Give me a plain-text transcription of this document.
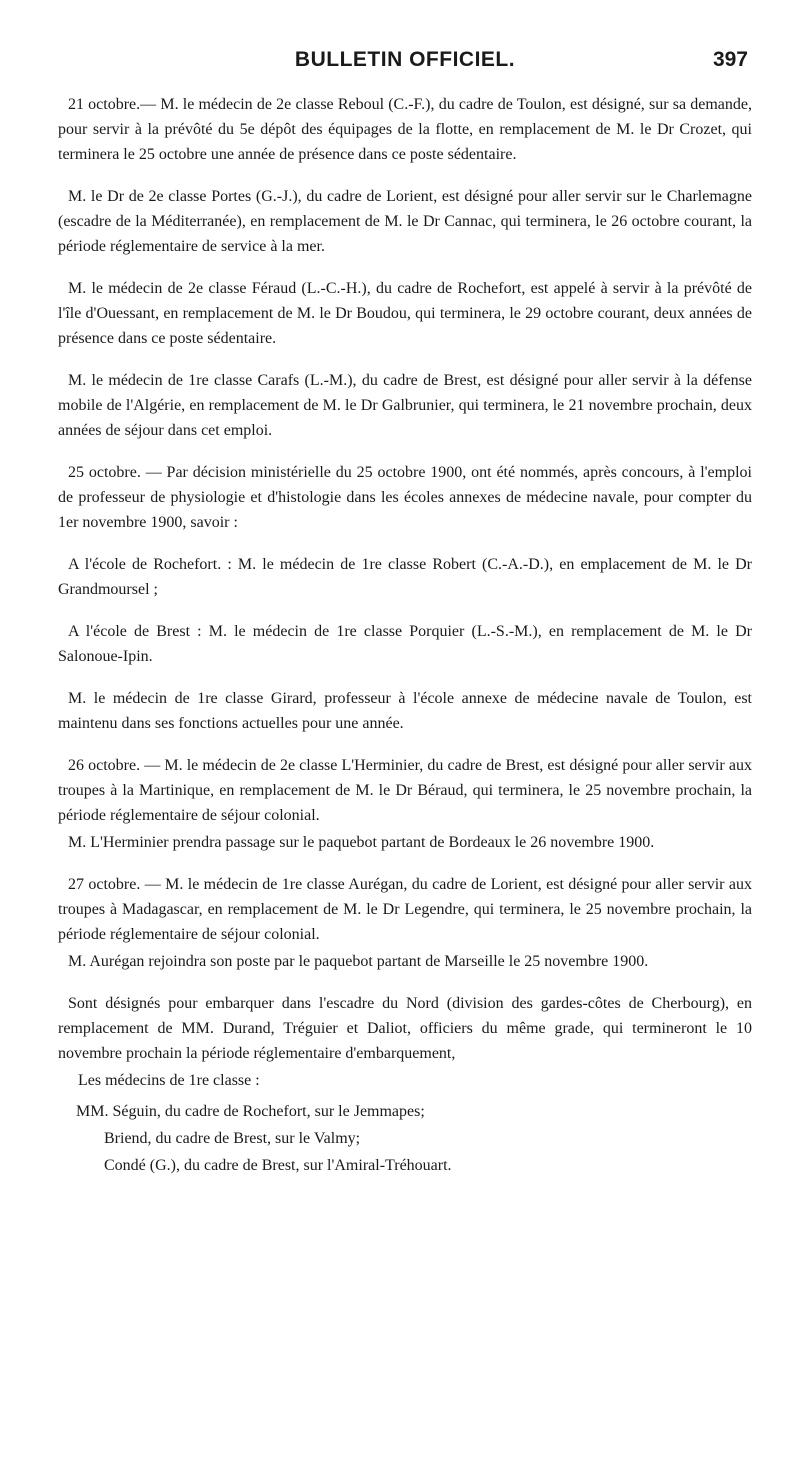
BULLETIN OFFICIEL.	397

21 octobre.— M. le médecin de 2e classe Reboul (C.-F.), du cadre de Toulon, est désigné, sur sa demande, pour servir à la prévôté du 5e dépôt des équipages de la flotte, en remplacement de M. le Dr Crozet, qui terminera le 25 octobre une année de présence dans ce poste sédentaire.

M. le Dr de 2e classe Portes (G.-J.), du cadre de Lorient, est désigné pour aller servir sur le Charlemagne (escadre de la Méditerranée), en remplacement de M. le Dr Cannac, qui terminera, le 26 octobre courant, la période réglementaire de service à la mer.

M. le médecin de 2e classe Féraud (L.-C.-H.), du cadre de Rochefort, est appelé à servir à la prévôté de l'île d'Ouessant, en remplacement de M. le Dr Boudou, qui terminera, le 29 octobre courant, deux années de présence dans ce poste sédentaire.

M. le médecin de 1re classe Carafs (L.-M.), du cadre de Brest, est désigné pour aller servir à la défense mobile de l'Algérie, en remplacement de M. le Dr Galbrunier, qui terminera, le 21 novembre prochain, deux années de séjour dans cet emploi.

25 octobre. — Par décision ministérielle du 25 octobre 1900, ont été nommés, après concours, à l'emploi de professeur de physiologie et d'histologie dans les écoles annexes de médecine navale, pour compter du 1er novembre 1900, savoir :

A l'école de Rochefort. : M. le médecin de 1re classe Robert (C.-A.-D.), en emplacement de M. le Dr Grandmoursel ;

A l'école de Brest : M. le médecin de 1re classe Porquier (L.-S.-M.), en remplacement de M. le Dr Salonoue-Ipin.

M. le médecin de 1re classe Girard, professeur à l'école annexe de médecine navale de Toulon, est maintenu dans ses fonctions actuelles pour une année.

26 octobre. — M. le médecin de 2e classe L'Herminier, du cadre de Brest, est désigné pour aller servir aux troupes à la Martinique, en remplacement de M. le Dr Béraud, qui terminera, le 25 novembre prochain, la période réglementaire de séjour colonial.

M. L'Herminier prendra passage sur le paquebot partant de Bordeaux le 26 novembre 1900.

27 octobre. — M. le médecin de 1re classe Aurégan, du cadre de Lorient, est désigné pour aller servir aux troupes à Madagascar, en remplacement de M. le Dr Legendre, qui terminera, le 25 novembre prochain, la période réglementaire de séjour colonial.

M. Aurégan rejoindra son poste par le paquebot partant de Marseille le 25 novembre 1900.

Sont désignés pour embarquer dans l'escadre du Nord (division des gardes-côtes de Cherbourg), en remplacement de MM. Durand, Tréguier et Daliot, officiers du même grade, qui termineront le 10 novembre prochain la période réglementaire d'embarquement,

Les médecins de 1re classe :

MM. Séguin, du cadre de Rochefort, sur le Jemmapes;

Briend, du cadre de Brest, sur le Valmy;

Condé (G.), du cadre de Brest, sur l'Amiral-Tréhouart.
